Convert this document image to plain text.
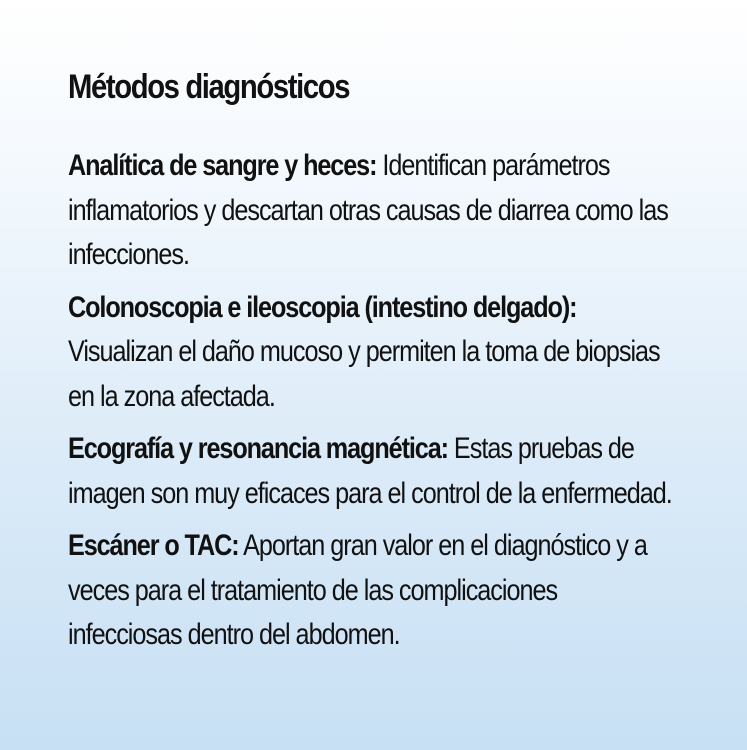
Métodos diagnósticos

Analítica de sangre y heces: Identifican parámetros inflamatorios y descartan otras causas de diarrea como las infecciones.

Colonoscopia e ileoscopia (intestino delgado): Visualizan el daño mucoso y permiten la toma de biopsias en la zona afectada.

Ecografía y resonancia magnética: Estas pruebas de imagen son muy eficaces para el control de la enfermedad.

Escáner o TAC: Aportan gran valor en el diagnóstico y a veces para el tratamiento de las complicaciones infecciosas dentro del abdomen.
